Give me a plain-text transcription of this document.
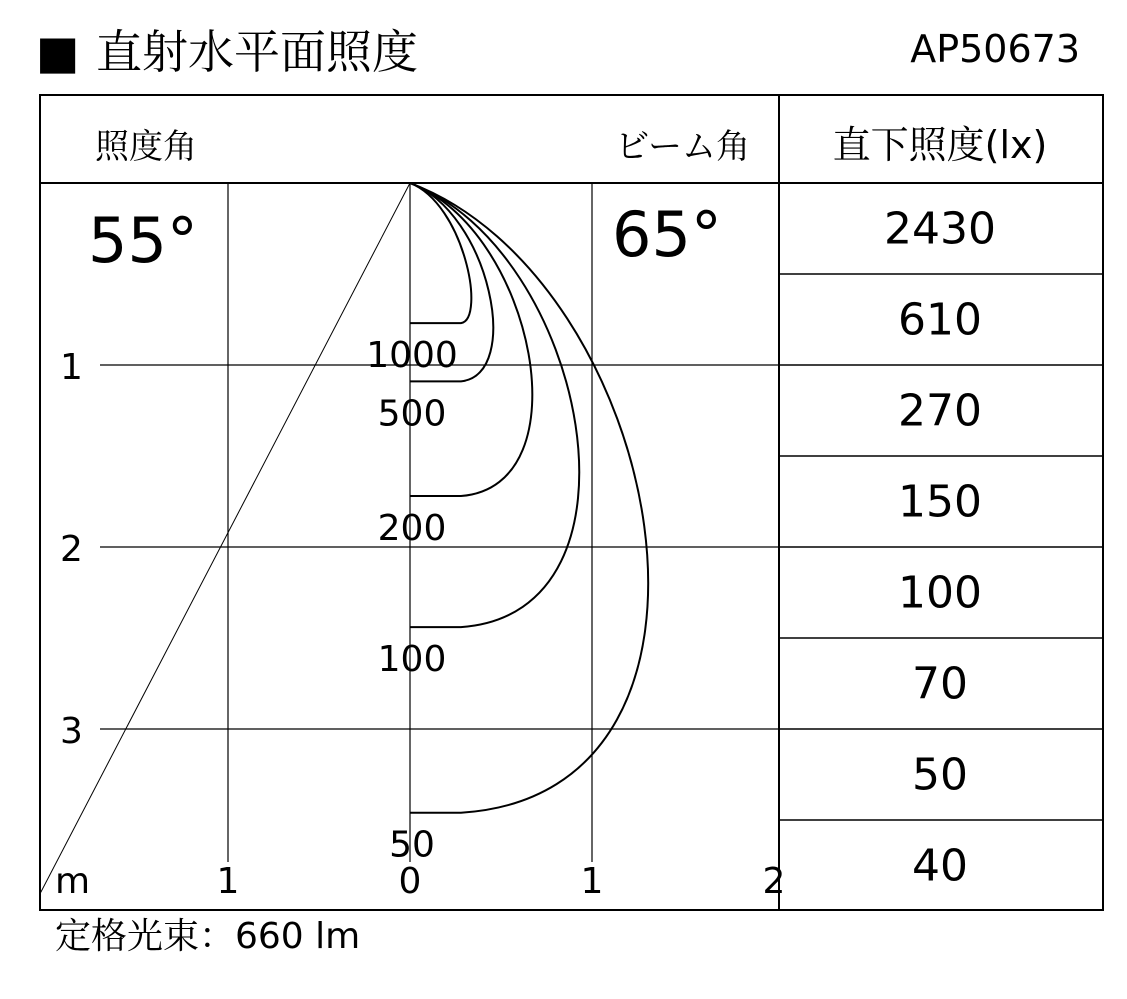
■ 直射水平面照度	AP50673
照度角	ビーム角 直下照度(lx)
55°	65°
1000
500
200
100
50
1
2
3
1	0	1	2
m
2430
610
270
150
100
70
50
40
定格光束：660 lm
